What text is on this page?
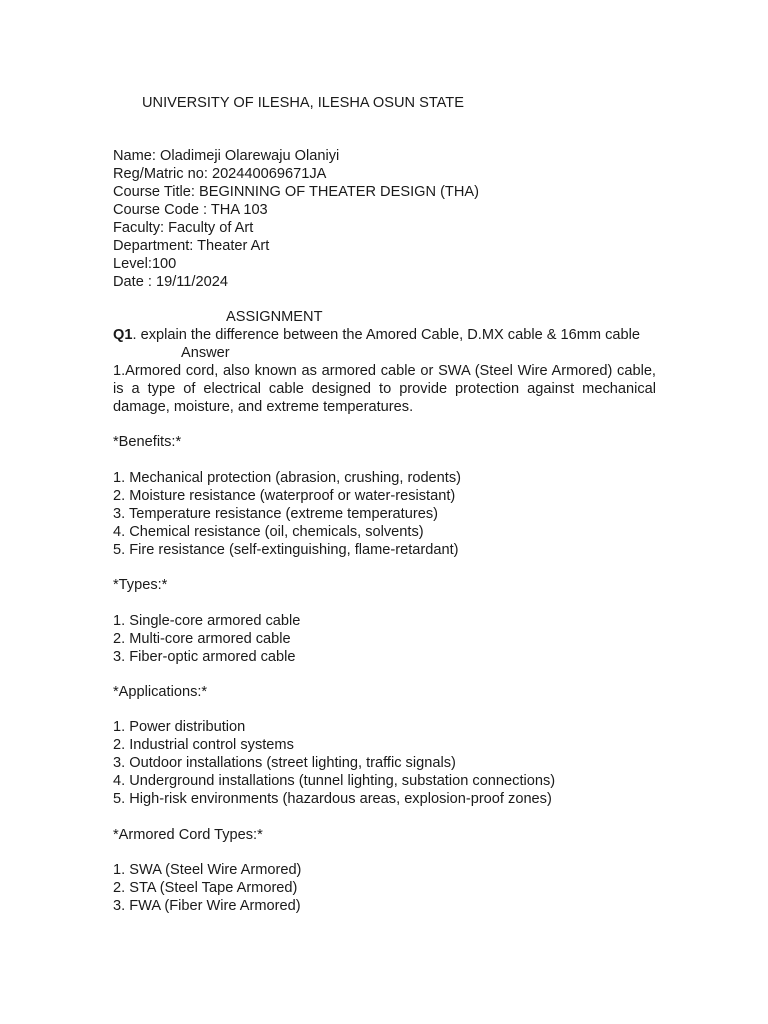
UNIVERSITY OF ILESHA, ILESHA OSUN STATE
Name: Oladimeji Olarewaju Olaniyi
Reg/Matric no: 202440069671JA
Course Title: BEGINNING OF THEATER DESIGN (THA)
Course Code : THA 103
Faculty: Faculty of Art
Department: Theater Art
Level:100
Date : 19/11/2024
ASSIGNMENT
Q1. explain the difference between the Amored Cable, D.MX cable & 16mm cable
Answer
1.Armored cord, also known as armored cable or SWA (Steel Wire Armored) cable, is a type of electrical cable designed to provide protection against mechanical damage, moisture, and extreme temperatures.
*Benefits:*
1. Mechanical protection (abrasion, crushing, rodents)
2. Moisture resistance (waterproof or water-resistant)
3. Temperature resistance (extreme temperatures)
4. Chemical resistance (oil, chemicals, solvents)
5. Fire resistance (self-extinguishing, flame-retardant)
*Types:*
1. Single-core armored cable
2. Multi-core armored cable
3. Fiber-optic armored cable
*Applications:*
1. Power distribution
2. Industrial control systems
3. Outdoor installations (street lighting, traffic signals)
4. Underground installations (tunnel lighting, substation connections)
5. High-risk environments (hazardous areas, explosion-proof zones)
*Armored Cord Types:*
1. SWA (Steel Wire Armored)
2. STA (Steel Tape Armored)
3. FWA (Fiber Wire Armored)
